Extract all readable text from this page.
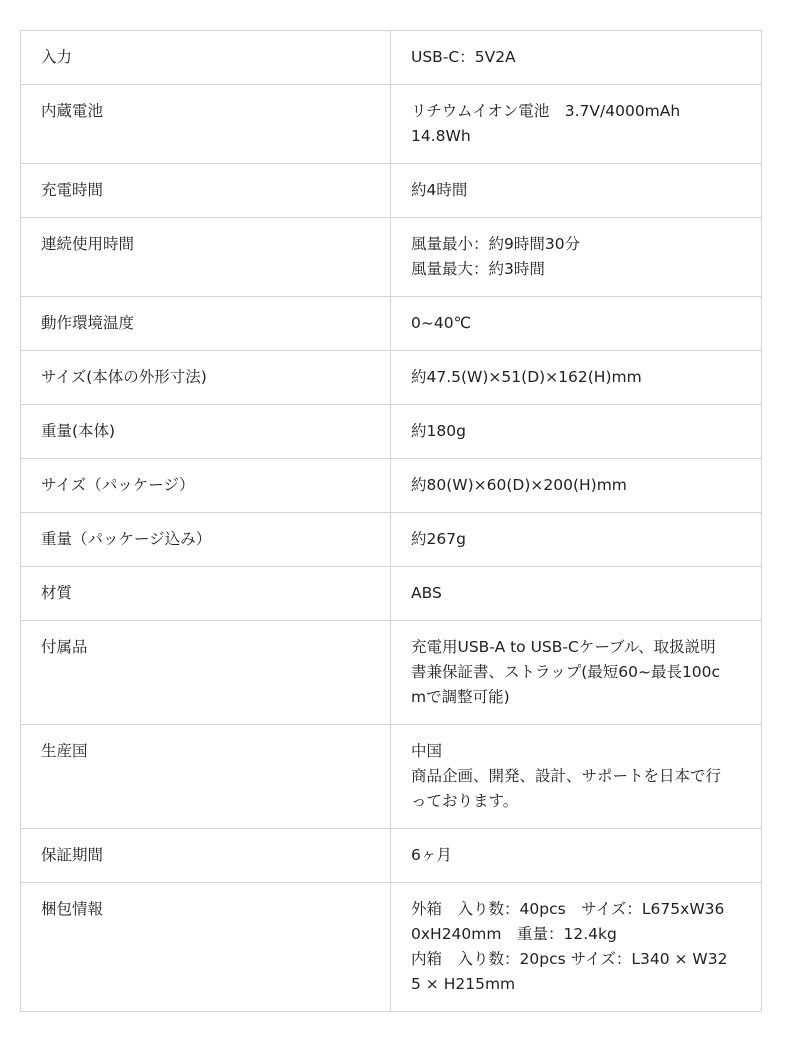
入力	USB-C：5V2A

内蔵電池	リチウムイオン電池　3.7V/4000mAh
14.8Wh

充電時間	約4時間

連続使用時間	風量最小：約9時間30分
風量最大：約3時間

動作環境温度	0~40℃

サイズ(本体の外形寸法)	約47.5(W)×51(D)×162(H)mm

重量(本体)	約180g

サイズ（パッケージ）	約80(W)×60(D)×200(H)mm

重量（パッケージ込み）	約267g

材質	ABS

付属品	充電用USB-A to USB-Cケーブル、取扱説明
書兼保証書、ストラップ(最短60~最長100c
mで調整可能)

生産国	中国
商品企画、開発、設計、サポートを日本で行
っております。

保証期間	6ヶ月

梱包情報	外箱　入り数：40pcs　サイズ：L675xW36
0xH240mm　重量：12.4kg
内箱　入り数：20pcs サイズ：L340 × W32
5 × H215mm
